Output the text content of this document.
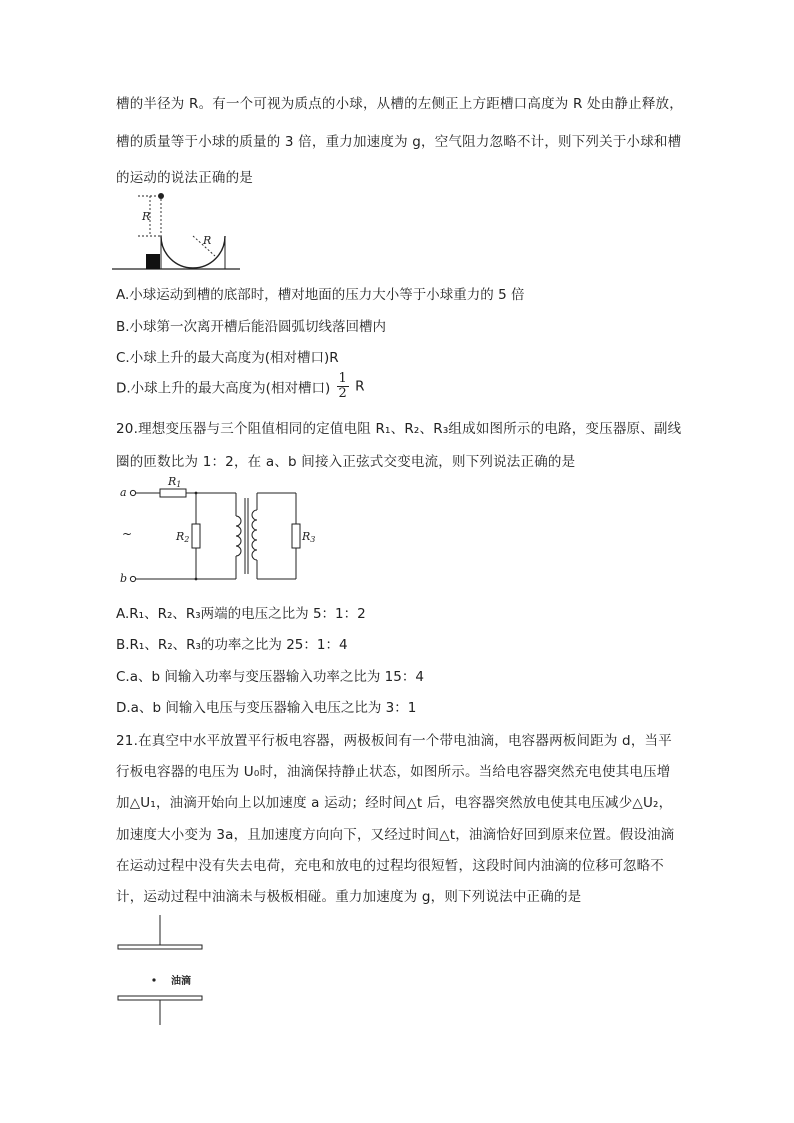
槽的半径为 R。有一个可视为质点的小球，从槽的左侧正上方距槽口高度为 R 处由静止释放，
槽的质量等于小球的质量的 3 倍，重力加速度为 g，空气阻力忽略不计，则下列关于小球和槽
的运动的说法正确的是
R
R
A.小球运动到槽的底部时，槽对地面的压力大小等于小球重力的 5 倍
B.小球第一次离开槽后能沿圆弧切线落回槽内
C.小球上升的最大高度为(相对槽口)R
D.小球上升的最大高度为(相对槽口) $\frac{1}{2}$ R
20.理想变压器与三个阻值相同的定值电阻 R₁、R₂、R₃组成如图所示的电路，变压器原、副线
圈的匝数比为 1：2，在 a、b 间接入正弦式交变电流，则下列说法正确的是
a
~
b
R1
R2	R3
A.R₁、R₂、R₃两端的电压之比为 5：1：2
B.R₁、R₂、R₃的功率之比为 25：1：4
C.a、b 间输入功率与变压器输入功率之比为 15：4
D.a、b 间输入电压与变压器输入电压之比为 3：1
21.在真空中水平放置平行板电容器，两极板间有一个带电油滴，电容器两板间距为 d，当平
行板电容器的电压为 U₀时，油滴保持静止状态，如图所示。当给电容器突然充电使其电压增
加△U₁，油滴开始向上以加速度 a 运动；经时间△t 后，电容器突然放电使其电压减少△U₂，
加速度大小变为 3a，且加速度方向向下，又经过时间△t，油滴恰好回到原来位置。假设油滴
在运动过程中没有失去电荷，充电和放电的过程均很短暂，这段时间内油滴的位移可忽略不
计，运动过程中油滴未与极板相碰。重力加速度为 g，则下列说法中正确的是
油滴
